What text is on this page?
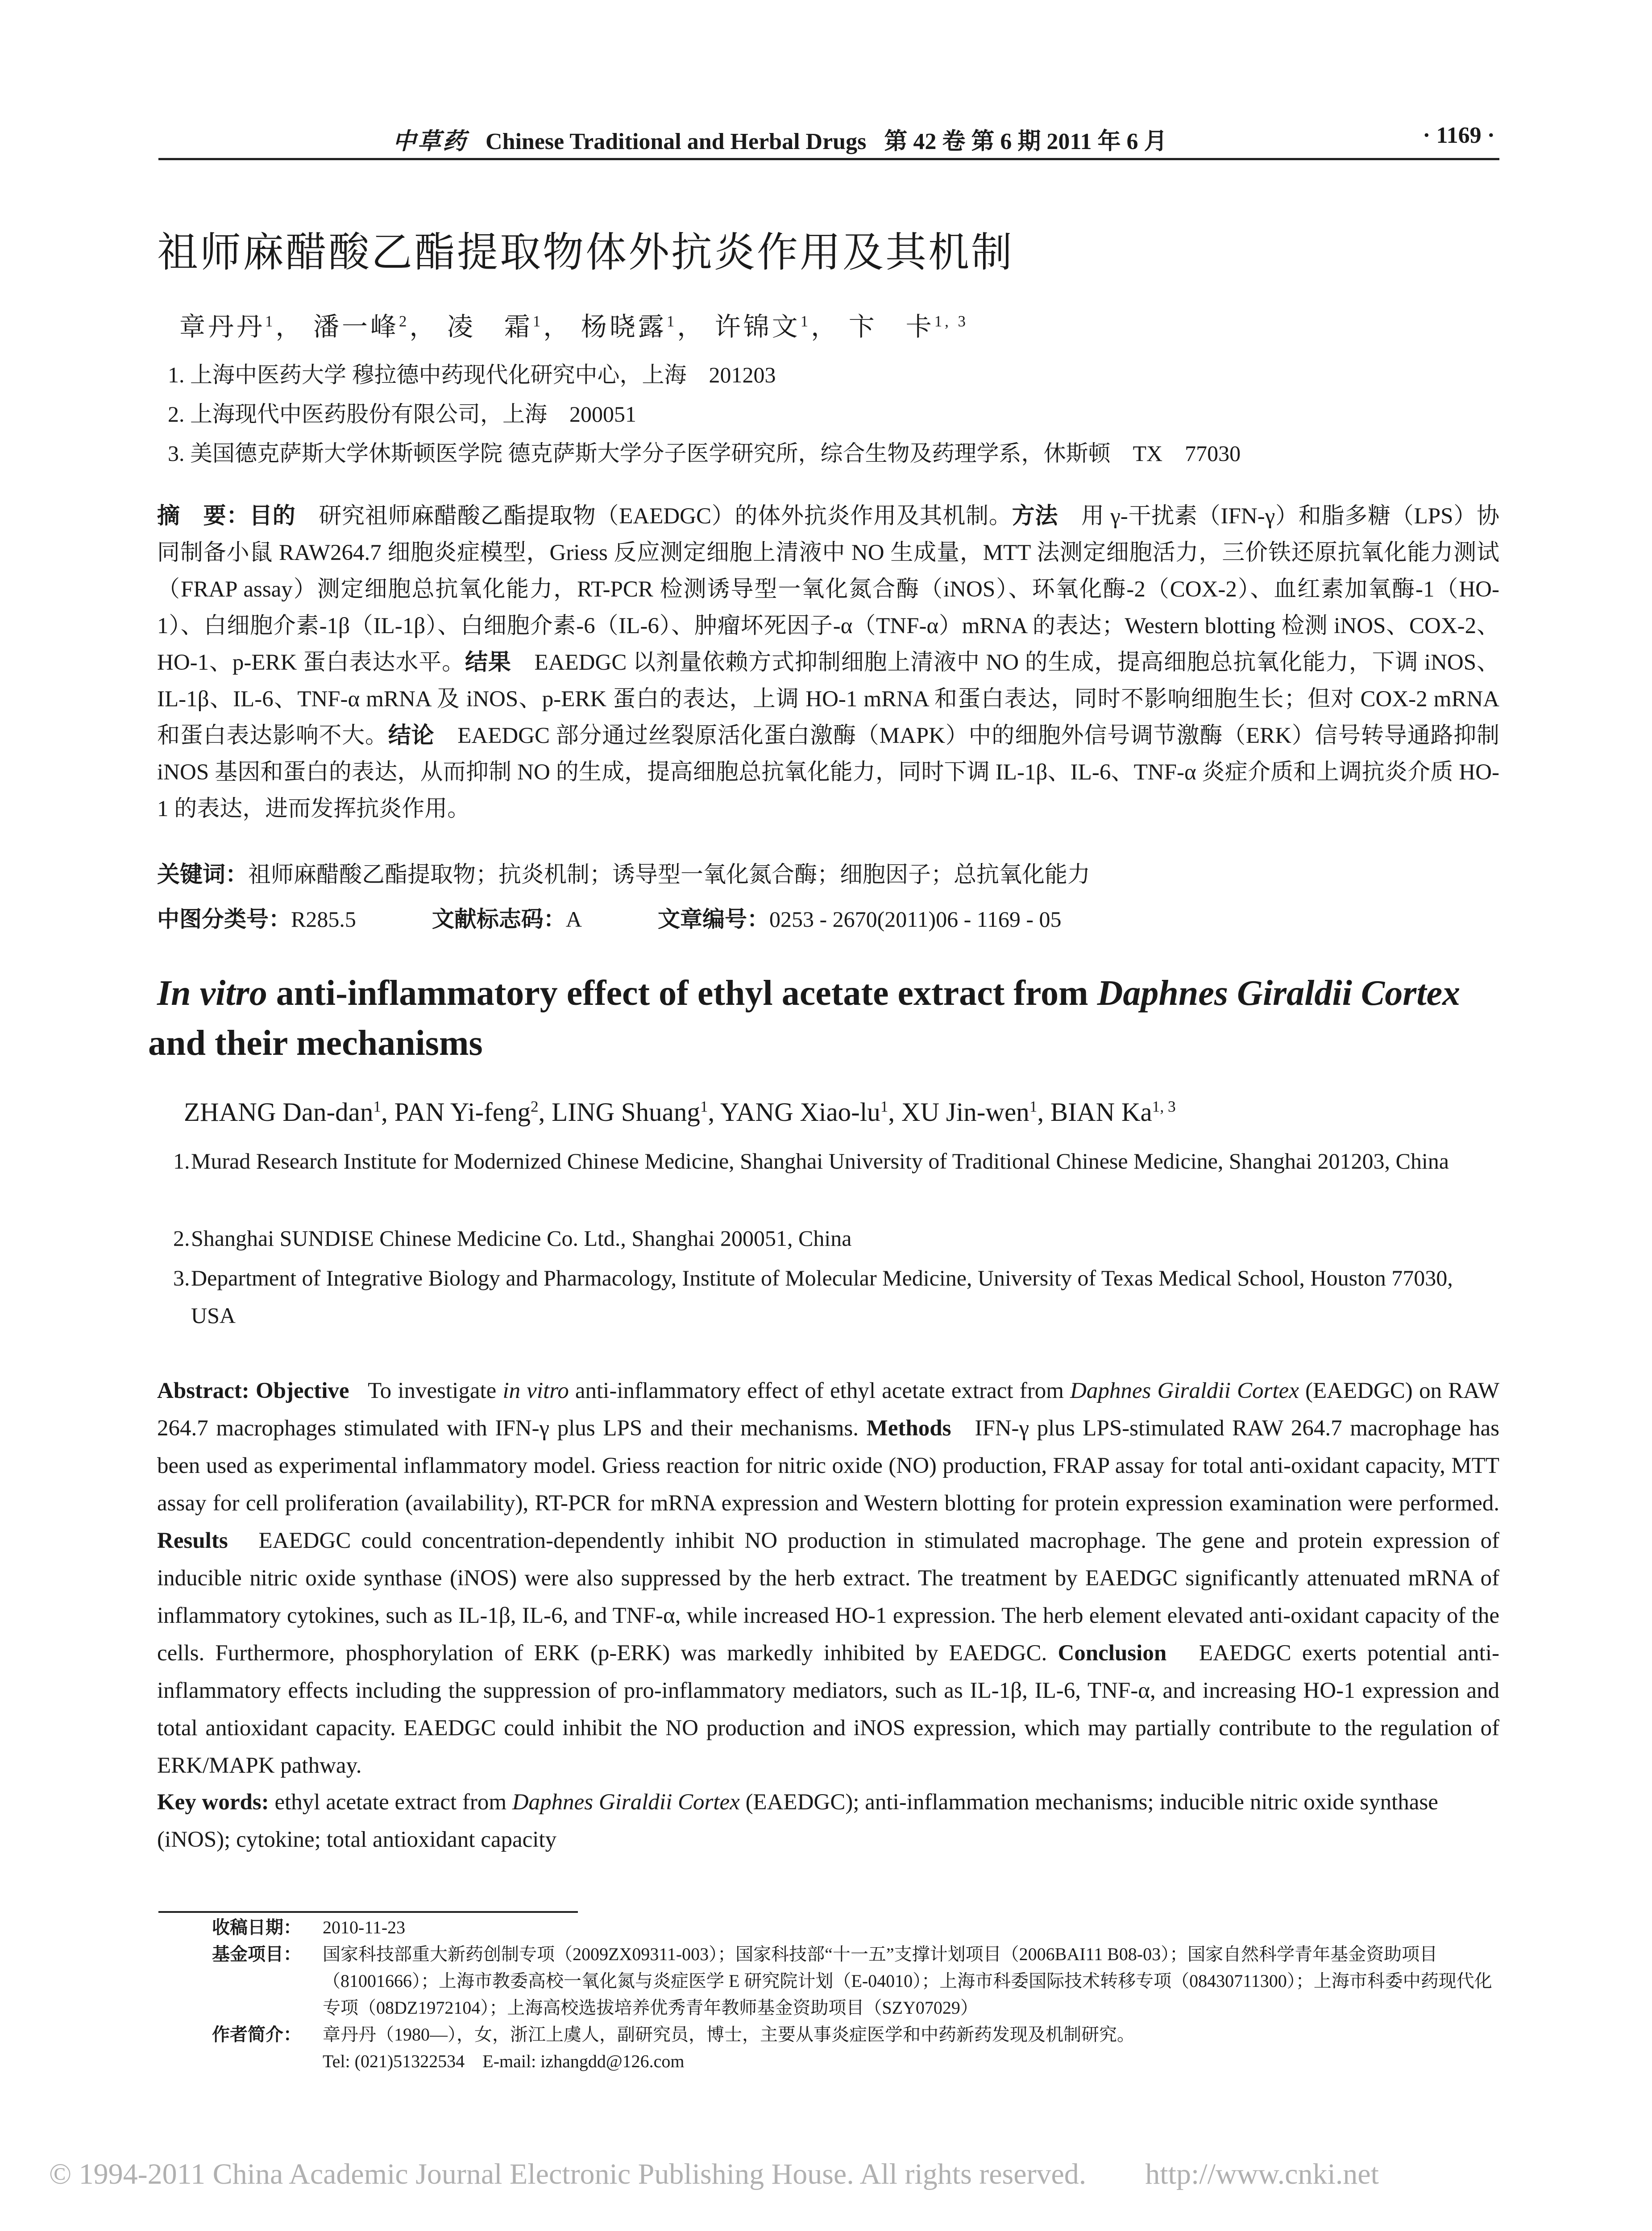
中草药 Chinese Traditional and Herbal Drugs 第 42 卷 第 6 期 2011 年 6 月	· 1169 ·
祖师麻醋酸乙酯提取物体外抗炎作用及其机制
章丹丹$^1$， 潘一峰$^2$， 凌　霜$^1$， 杨晓露$^1$， 许锦文$^1$， 卞　卡$^{1, 3}$
1. 上海中医药大学 穆拉德中药现代化研究中心，上海　201203
2. 上海现代中医药股份有限公司，上海　200051
3. 美国德克萨斯大学休斯顿医学院 德克萨斯大学分子医学研究所，综合生物及药理学系，休斯顿　TX　77030
摘　要：目的　 研究祖师麻醋酸乙酯提取物（EAEDGC）的体外抗炎作用及其机制。方法　 用 γ-干扰素（IFN-γ）和脂多糖（LPS）协同制备小鼠 RAW264.7 细胞炎症模型，Griess 反应测定细胞上清液中 NO 生成量，MTT 法测定细胞活力，三价铁还原抗氧化能力测试（FRAP assay）测定细胞总抗氧化能力，RT-PCR 检测诱导型一氧化氮合酶（iNOS）、环氧化酶-2（COX-2）、血红素加氧酶-1（HO-1）、白细胞介素-1β（IL-1β）、白细胞介素-6（IL-6）、肿瘤坏死因子-α（TNF-α）mRNA 的表达；Western blotting 检测 iNOS、COX-2、HO-1、p-ERK 蛋白表达水平。结果　 EAEDGC 以剂量依赖方式抑制细胞上清液中 NO 的生成，提高细胞总抗氧化能力，下调 iNOS、IL-1β、IL-6、TNF-α mRNA 及 iNOS、p-ERK 蛋白的表达，上调 HO-1 mRNA 和蛋白表达，同时不影响细胞生长；但对 COX-2 mRNA 和蛋白表达影响不大。结论　 EAEDGC 部分通过丝裂原活化蛋白激酶（MAPK）中的细胞外信号调节激酶（ERK）信号转导通路抑制 iNOS 基因和蛋白的表达，从而抑制 NO 的生成，提高细胞总抗氧化能力，同时下调 IL-1β、IL-6、TNF-α 炎症介质和上调抗炎介质 HO-1 的表达，进而发挥抗炎作用。
关键词：祖师麻醋酸乙酯提取物；抗炎机制；诱导型一氧化氮合酶；细胞因子；总抗氧化能力
中图分类号：R285.5	文献标志码：A	文章编号：0253 - 2670(2011)06 - 1169 - 05
In vitro anti-inflammatory effect of ethyl acetate extract from Daphnes Giraldii Cortex
and their mechanisms
ZHANG Dan-dan$^1$, PAN Yi-feng$^2$, LING Shuang$^1$, YANG Xiao-$lu^1$, XU Jin-wen$^1$, BIAN Ka$^{1, 3}$
1. Murad Research Institute for Modernized Chinese Medicine, Shanghai University of Traditional Chinese Medicine, Shanghai 201203, China
2. Shanghai SUNDISE Chinese Medicine Co. Ltd., Shanghai 200051, China
3. Department of Integrative Biology and Pharmacology, Institute of Molecular Medicine, University of Texas Medical School, Houston 77030, USA
Abstract: Objective To investigate in vitro anti-inflammatory effect of ethyl acetate extract from Daphnes Giraldii Cortex (EAEDGC) on RAW 264.7 macrophages stimulated with IFN-γ plus LPS and their mechanisms. Methods IFN-γ plus LPS-stimulated RAW 264.7 macrophage has been used as experimental inflammatory model. Griess reaction for nitric oxide (NO) production, FRAP assay for total anti-oxidant capacity, MTT assay for cell proliferation (availability), RT-PCR for mRNA expression and Western blotting for protein expression examination were performed. Results EAEDGC could concentration-dependently inhibit NO production in stimulated macrophage. The gene and protein expression of inducible nitric oxide synthase (iNOS) were also suppressed by the herb extract. The treatment by EAEDGC significantly attenuated mRNA of inflammatory cytokines, such as IL-1β, IL-6, and TNF-α, while increased HO-1 expression. The herb element elevated anti-oxidant capacity of the cells. Furthermore, phosphorylation of ERK (p-ERK) was markedly inhibited by EAEDGC. Conclusion EAEDGC exerts potential anti-inflammatory effects including the suppression of pro-inflammatory mediators, such as IL-1β, IL-6, TNF-α, and increasing HO-1 expression and total antioxidant capacity. EAEDGC could inhibit the NO production and iNOS expression, which may partially contribute to the regulation of ERK/MAPK pathway.
Key words: ethyl acetate extract from Daphnes Giraldii Cortex (EAEDGC); anti-inflammation mechanisms; inducible nitric oxide synthase (iNOS); cytokine; total antioxidant capacity
收稿日期： 2010-11-23
基金项目： 国家科技部重大新药创制专项（2009ZX09311-003）；国家科技部“十一五”支撑计划项目（2006BAI11 B08-03）；国家自然科学青年基金资助项目（81001666）；上海市教委高校一氧化氮与炎症医学 E 研究院计划（E-04010）；上海市科委国际技术转移专项（08430711300）；上海市科委中药现代化专项（08DZ1972104）；上海高校选拔培养优秀青年教师基金资助项目（SZY07029）
作者简介： 章丹丹（1980—），女，浙江上虞人，副研究员，博士，主要从事炎症医学和中药新药发现及机制研究。
Tel: (021)51322534　E-mail: izhangdd@126.com
© 1994-2011 China Academic Journal Electronic Publishing House. All rights reserved.　　http://www.cnki.net
